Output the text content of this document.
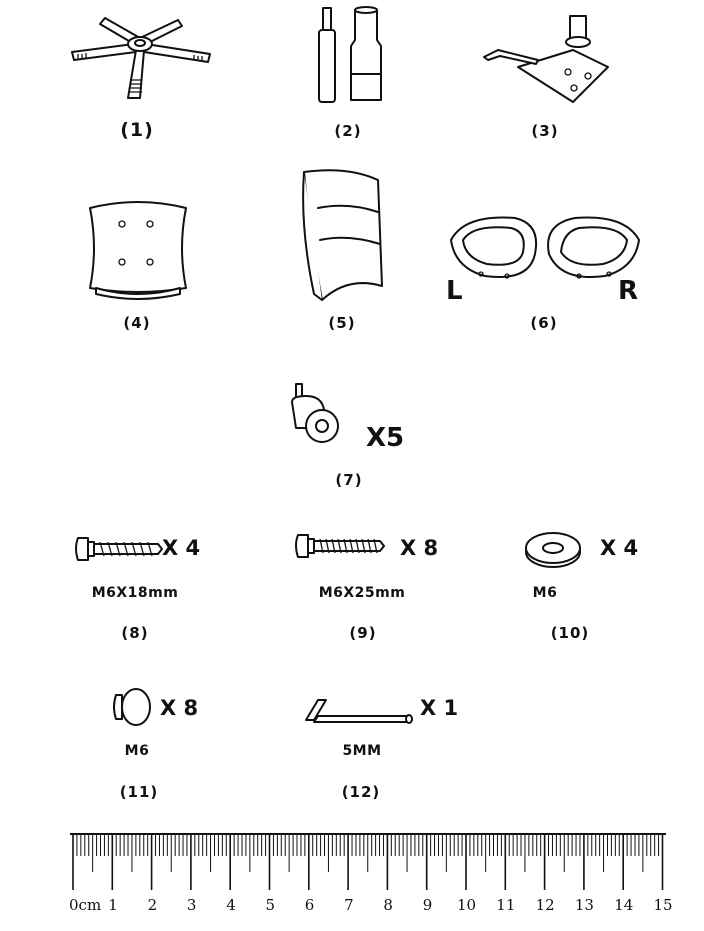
(1)	(2)	(3)
(4)	(5)
L	R
(6)
X5
(7)
X 4
M6X18mm
(8)
X 8
M6X25mm
(9)
X 4
M6
(10)
X 8
M6
(11)
X 1
5MM
(12)
0cm 1 2 3 4 5 6 7 8 9 10 11 12 13 14 15
